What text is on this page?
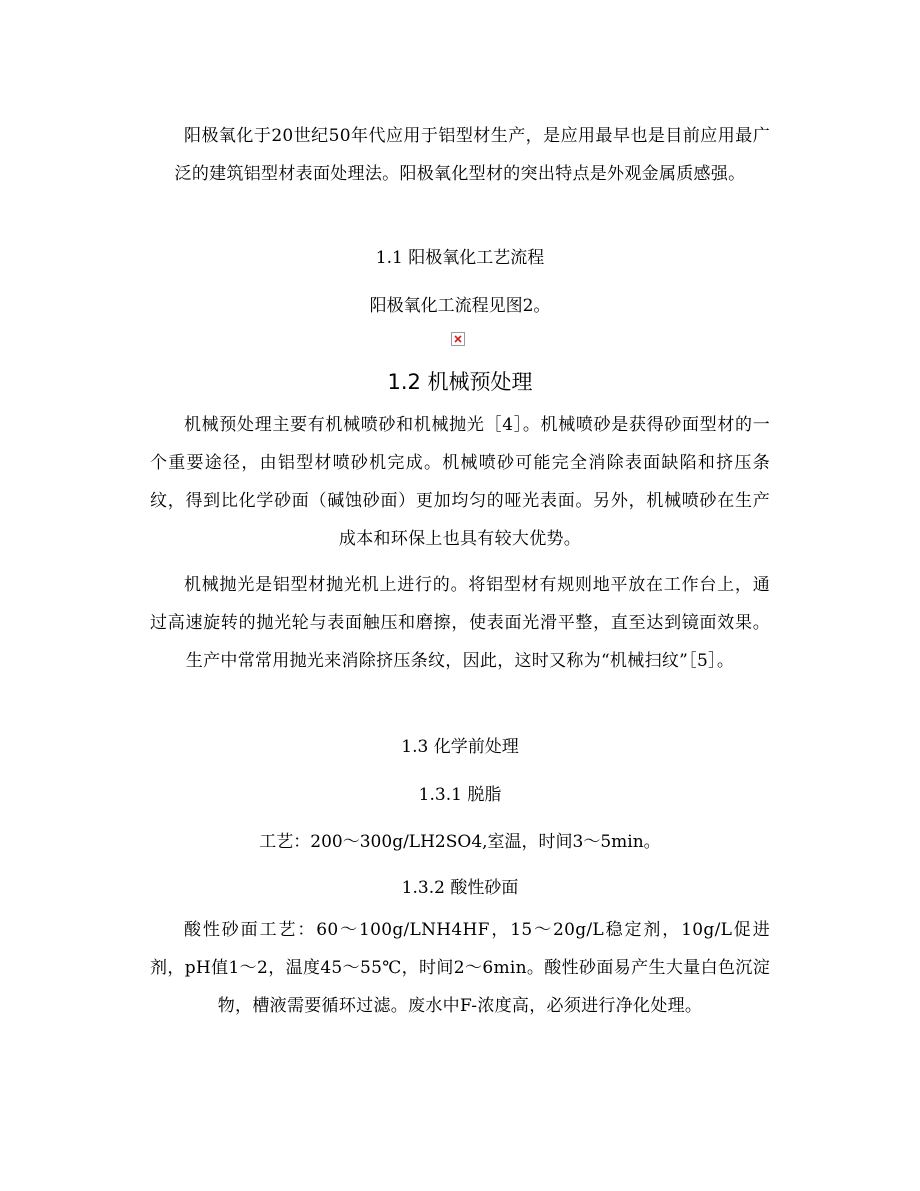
阳极氧化于20世纪50年代应用于铝型材生产，是应用最早也是目前应用最广泛的建筑铝型材表面处理法。阳极氧化型材的突出特点是外观金属质感强。

1.1 阳极氧化工艺流程

阳极氧化工流程见图2。

1.2 机械预处理

机械预处理主要有机械喷砂和机械抛光［4］。机械喷砂是获得砂面型材的一个重要途径，由铝型材喷砂机完成。机械喷砂可能完全消除表面缺陷和挤压条纹，得到比化学砂面（碱蚀砂面）更加均匀的哑光表面。另外，机械喷砂在生产成本和环保上也具有较大优势。

机械抛光是铝型材抛光机上进行的。将铝型材有规则地平放在工作台上，通过高速旋转的抛光轮与表面触压和磨擦，使表面光滑平整，直至达到镜面效果。生产中常常用抛光来消除挤压条纹，因此，这时又称为“机械扫纹”［5］。

1.3 化学前处理

1.3.1 脱脂

工艺：200～300g/LH2SO4,室温，时间3～5min。

1.3.2 酸性砂面

酸性砂面工艺：60～100g/LNH4HF，15～20g/L稳定剂，10g/L促进剂，pH值1～2，温度45～55℃，时间2～6min。酸性砂面易产生大量白色沉淀物，槽液需要循环过滤。废水中F-浓度高，必须进行净化处理。
